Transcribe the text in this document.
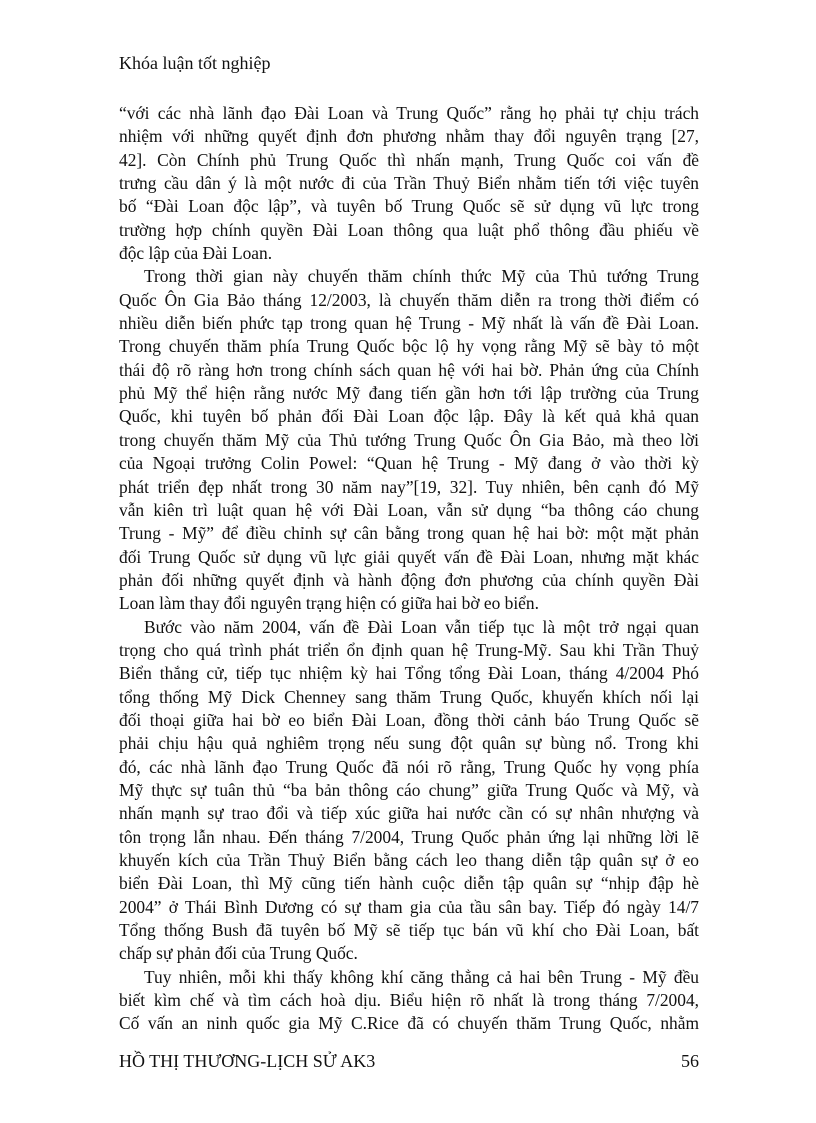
Khóa luận tốt nghiệp
“với các nhà lãnh đạo Đài Loan và Trung Quốc” rằng họ phải tự chịu trách
nhiệm với những quyết định đơn phương nhằm thay đổi nguyên trạng [27,
42]. Còn Chính phủ Trung Quốc thì nhấn mạnh, Trung Quốc coi vấn đề
trưng cầu dân ý là một nước đi của Trần Thuỷ Biển nhằm tiến tới việc tuyên
bố “Đài Loan độc lập”, và tuyên bố Trung Quốc sẽ sử dụng vũ lực trong
trường hợp chính quyền Đài Loan thông qua luật phổ thông đầu phiếu về
độc lập của Đài Loan.
Trong thời gian này chuyến thăm chính thức Mỹ của Thủ tướng Trung
Quốc Ôn Gia Bảo tháng 12/2003, là chuyến thăm diễn ra trong thời điểm có
nhiều diễn biến phức tạp trong quan hệ Trung - Mỹ nhất là vấn đề Đài Loan.
Trong chuyến thăm phía Trung Quốc bộc lộ hy vọng rằng Mỹ sẽ bày tỏ một
thái độ rõ ràng hơn trong chính sách quan hệ với hai bờ. Phản ứng của Chính
phủ Mỹ thể hiện rằng nước Mỹ đang tiến gần hơn tới lập trường của Trung
Quốc, khi tuyên bố phản đối Đài Loan độc lập. Đây là kết quả khả quan
trong chuyến thăm Mỹ của Thủ tướng Trung Quốc Ôn Gia Bảo, mà theo lời
của Ngoại trưởng Colin Powel: “Quan hệ Trung - Mỹ đang ở vào thời kỳ
phát triển đẹp nhất trong 30 năm nay”[19, 32]. Tuy nhiên, bên cạnh đó Mỹ
vẫn kiên trì luật quan hệ với Đài Loan, vẫn sử dụng “ba thông cáo chung
Trung - Mỹ” để điều chỉnh sự cân bằng trong quan hệ hai bờ: một mặt phản
đối Trung Quốc sử dụng vũ lực giải quyết vấn đề Đài Loan, nhưng mặt khác
phản đối những quyết định và hành động đơn phương của chính quyền Đài
Loan làm thay đổi nguyên trạng hiện có giữa hai bờ eo biển.
Bước vào năm 2004, vấn đề Đài Loan vẫn tiếp tục là một trở ngại quan
trọng cho quá trình phát triển ổn định quan hệ Trung-Mỹ. Sau khi Trần Thuỷ
Biển thắng cử, tiếp tục nhiệm kỳ hai Tổng tổng Đài Loan, tháng 4/2004 Phó
tổng thống Mỹ Dick Chenney sang thăm Trung Quốc, khuyến khích nối lại
đối thoại giữa hai bờ eo biển Đài Loan, đồng thời cảnh báo Trung Quốc sẽ
phải chịu hậu quả nghiêm trọng nếu sung đột quân sự bùng nổ. Trong khi
đó, các nhà lãnh đạo Trung Quốc đã nói rõ rằng, Trung Quốc hy vọng phía
Mỹ thực sự tuân thủ “ba bản thông cáo chung” giữa Trung Quốc và Mỹ, và
nhấn mạnh sự trao đổi và tiếp xúc giữa hai nước cần có sự nhân nhượng và
tôn trọng lẫn nhau. Đến tháng 7/2004, Trung Quốc phản ứng lại những lời lẽ
khuyến kích của Trần Thuỷ Biển bằng cách leo thang diễn tập quân sự ở eo
biển Đài Loan, thì Mỹ cũng tiến hành cuộc diễn tập quân sự “nhịp đập hè
2004” ở Thái Bình Dương có sự tham gia của tầu sân bay. Tiếp đó ngày 14/7
Tổng thống Bush đã tuyên bố Mỹ sẽ tiếp tục bán vũ khí cho Đài Loan, bất
chấp sự phản đối của Trung Quốc.
Tuy nhiên, mỗi khi thấy không khí căng thẳng cả hai bên Trung - Mỹ đều
biết kìm chế và tìm cách hoà dịu. Biểu hiện rõ nhất là trong tháng 7/2004,
Cố vấn an ninh quốc gia Mỹ C.Rice đã có chuyến thăm Trung Quốc, nhằm
HỒ THỊ THƯƠNG-LỊCH SỬ AK3	56
